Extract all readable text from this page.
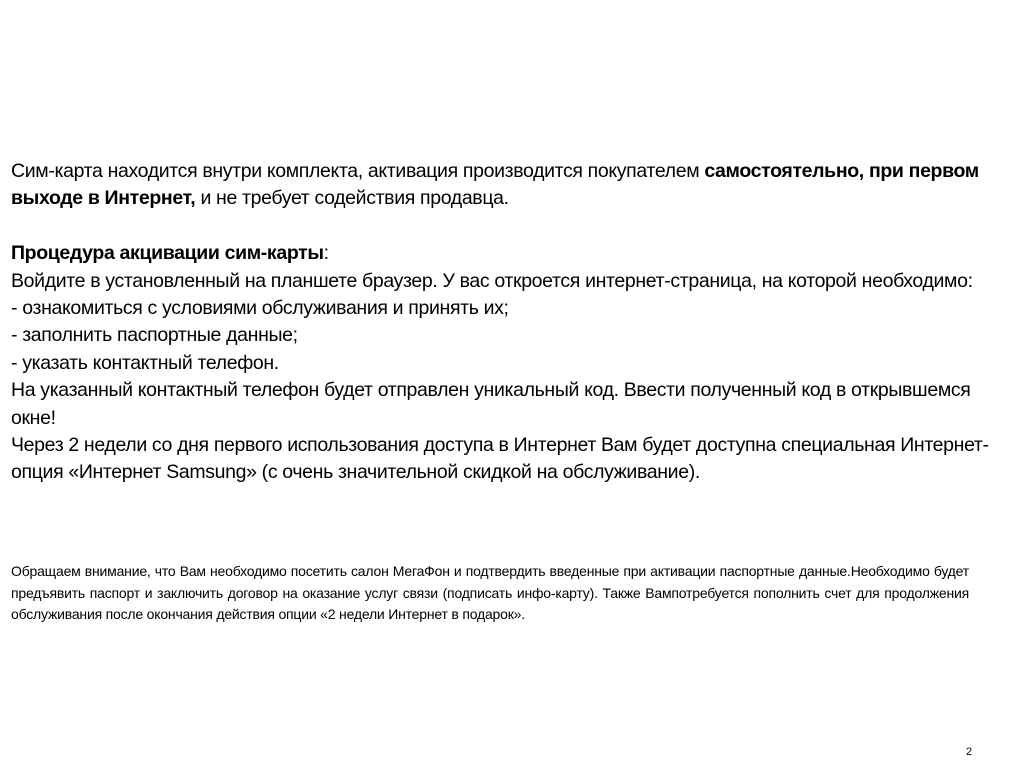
Сим-карта находится внутри комплекта, активация производится покупателем самостоятельно, при первом выходе в Интернет, и не требует содействия продавца.

Процедура акцивации сим-карты:

Войдите в установленный на планшете браузер. У вас откроется интернет-страница, на которой необходимо:

- ознакомиться с условиями обслуживания и принять их;

- заполнить паспортные данные;

- указать контактный телефон.

На указанный контактный телефон будет отправлен уникальный код. Ввести полученный код в открывшемся окне!

Через 2 недели со дня первого использования доступа в Интернет Вам будет доступна специальная Интернет-опция «Интернет Samsung» (с очень значительной скидкой на обслуживание).

Обращаем внимание, что Вам необходимо посетить салон МегаФон и подтвердить введенные при активации паспортные данные.Необходимо будет предъявить паспорт и заключить договор на оказание услуг связи (подписать инфо-карту). Также Вампотребуется пополнить счет для продолжения обслуживания после окончания действия опции «2 недели Интернет в подарок».

2
